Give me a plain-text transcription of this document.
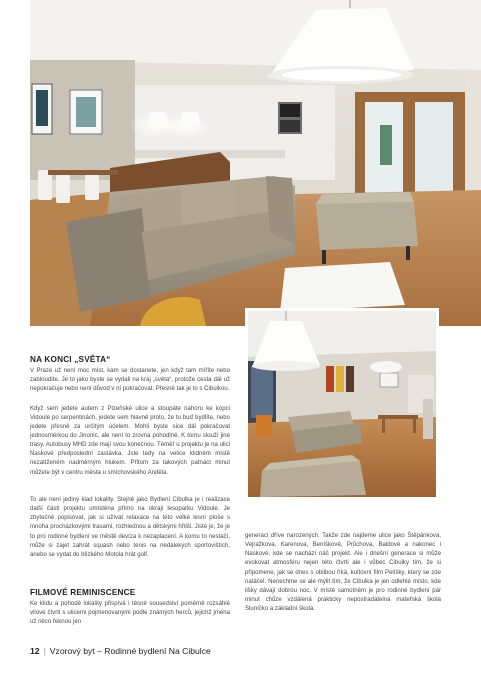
NA KONCI „SVĚTA“

V Praze už není moc míst, kam se dostanete, jen když tam míříte nebo zabloudíte. Je to jako byste se vydali na kraj „světa“, protože cesta dál už nepokračuje nebo není důvod v ní pokračovat. Přesně tak je to s Cibulkou.

Když sem jedete autem z Plzeňské ulice a stoupáte nahoru ke kopci Vidoule po serpentinách, jedete sem hlavně proto, že tu buď bydlíte, nebo jedete přesně za určitým účelem. Mohli byste sice dál pokračovat jednosměrkou do Jinonic, ale není to zrovna pohodlné. K tomu slouží jiné trasy. Autobusy MHD zde mají svou konečnou. Téměř u projektu je na ulici Naskové předposlední zastávka. Jste tedy na velice klidném místě nezatíženém nadměrným hlukem. Přitom za takových patnáct minut můžete být v centru města u smíchovského Anděla.

To ale není jediný klad lokality. Stejně jako Bydlení Cibulka je i realizace další části projektu umístěna přímo na okraji lesoparku Vidoule. Je zbytečné popisovat, jak si užívat relaxace na této velké lesní ploše s mnoha procházkovými trasami, rozhlednou a dětskými hřišti. Jisté je, že je to pro rodinné bydlení ve městě devíza k nezaplacení. A komu to nestačí, může si zajet zahrát squash nebo tenis na nedalekých sportovištích, anebo se vydat do blízkého Motola hrát golf.

FILMOVÉ REMINISCENCE

Ke klidu a pohodě lokality přispívá i těsné sousedství poměrně rozsáhlé vilové čtvrti s ulicemi pojmenovanými podle známých herců, jejichž jména už něco řeknou jen

generaci dříve narozených. Takže zde najdeme ulice jako Štěpánkova, Vejražkova, Karenova, Beníškové, Průchova, Baldové a nakonec i Naskové, kde se nachází náš projekt. Ale i dnešní generace si může evokovat atmosféru nejen této čtvrti ale i vůbec Cibulky tím, že si připomene, jak se dnes s oblibou říká, kultovní film Pelíšky, který se zde natáčel. Nenechme se ale mýlit tím, že Cibulka je jen odlehlé místo, kde lišky dávají dobrou noc. V místě samotném je pro rodinné bydlení pár minut chůze vzdálená prakticky nepostradatelná mateřská škola Sluníčko a základní škola.

12 | Vzorový byt – Rodinné bydlení Na Cibulce
